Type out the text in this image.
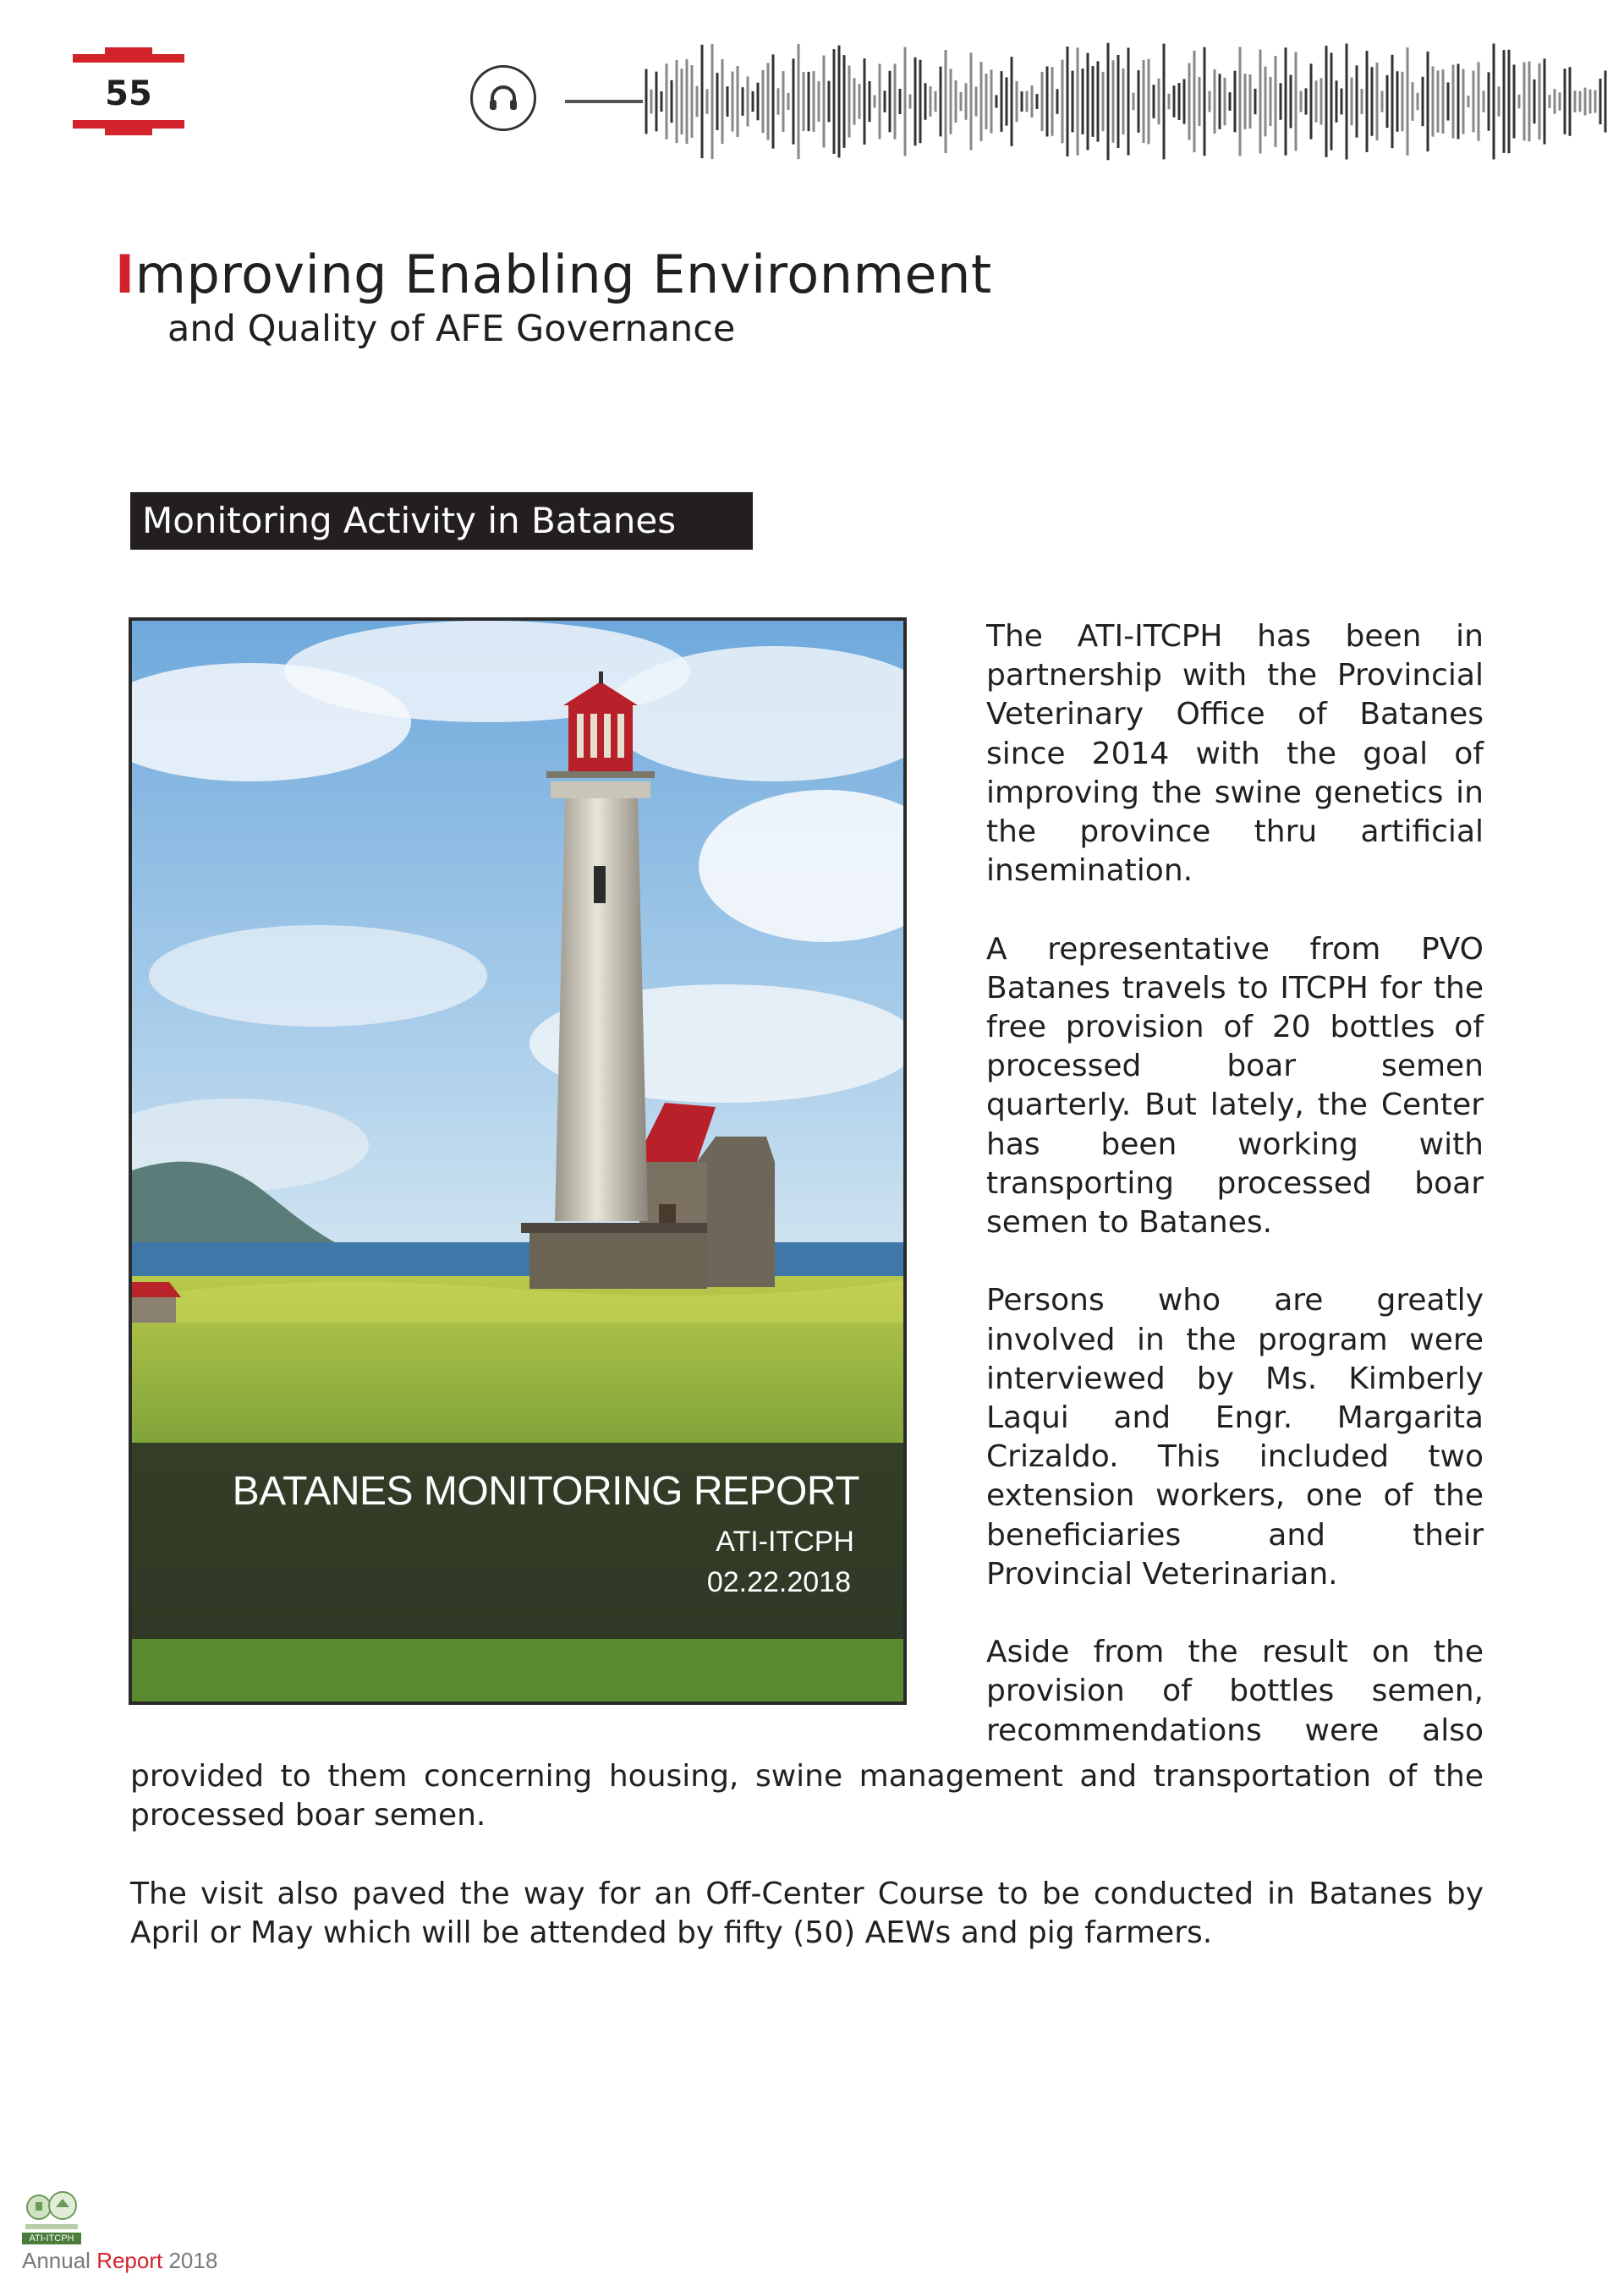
55
Improving Enabling Environment
and Quality of AFE Governance
Monitoring Activity in Batanes
BATANES MONITORING REPORT
ATI-ITCPH
02.22.2018

The ATI-ITCPH has been in partnership with the Provincial Veterinary Office of Batanes since 2014 with the goal of improving the swine genetics in the province thru artificial insemination.

A representative from PVO Batanes travels to ITCPH for the free provision of 20 bottles of processed boar semen quarterly. But lately, the Center has been working with transporting processed boar semen to Batanes.

Persons who are greatly involved in the program were interviewed by Ms. Kimberly Laqui and Engr. Margarita Crizaldo. This included two extension workers, one of the beneficiaries and their Provincial Veterinarian.

Aside from the result on the provision of bottles semen, recommendations were also

provided to them concerning housing, swine management and transportation of the processed boar semen.

The visit also paved the way for an Off-Center Course to be conducted in Batanes by April or May which will be attended by fifty (50) AEWs and pig farmers.

ATI-ITCPH
Annual Report 2018
